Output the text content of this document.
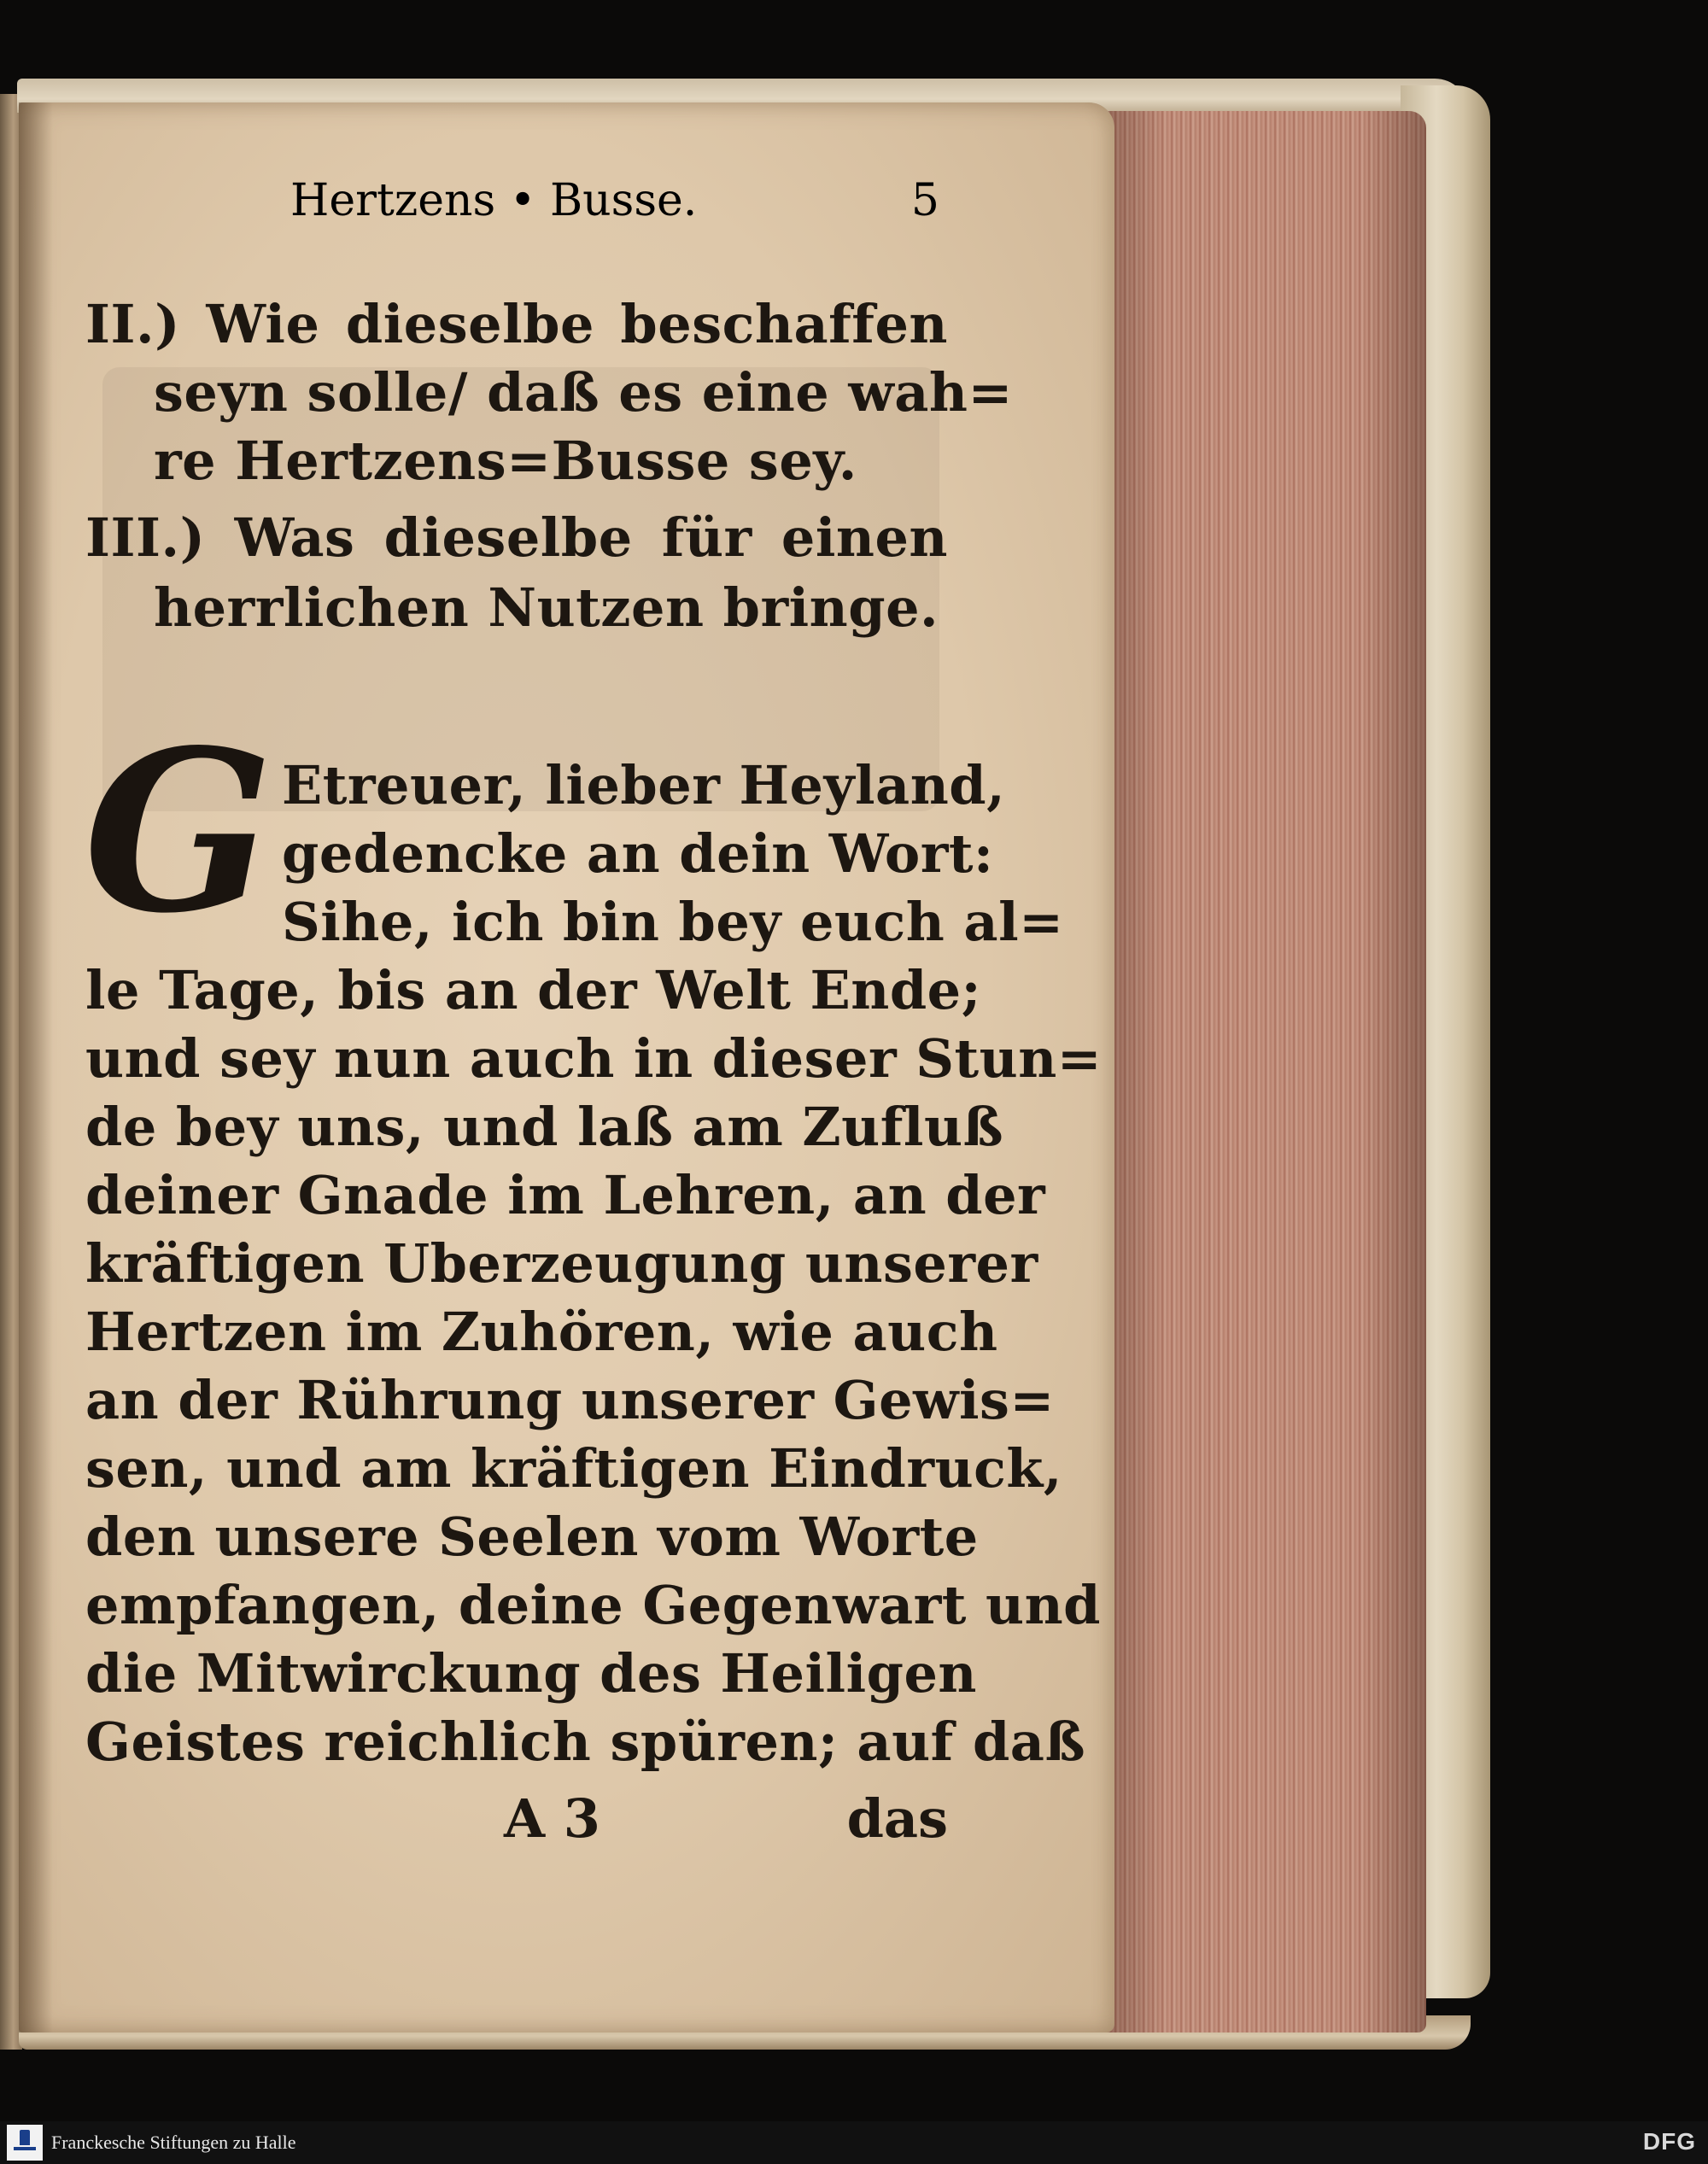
Hertzens • Busse.	5
II.) Wie dieselbe beschaffen
seyn solle/ daß es eine wah=
re Hertzens=Busse sey.
III.) Was dieselbe für einen
herrlichen Nutzen bringe.
G Etreuer, lieber Heyland,
gedencke an dein Wort:
Sihe, ich bin bey euch al=
le Tage, bis an der Welt Ende;
und sey nun auch in dieser Stun=
de bey uns, und laß am Zufluß
deiner Gnade im Lehren, an der
kräftigen Uberzeugung unserer
Hertzen im Zuhören, wie auch
an der Rührung unserer Gewis=
sen, und am kräftigen Eindruck,
den unsere Seelen vom Worte
empfangen, deine Gegenwart und
die Mitwirckung des Heiligen
Geistes reichlich spüren; auf daß
A 3	das
Franckesche Stiftungen zu Halle	DFG
